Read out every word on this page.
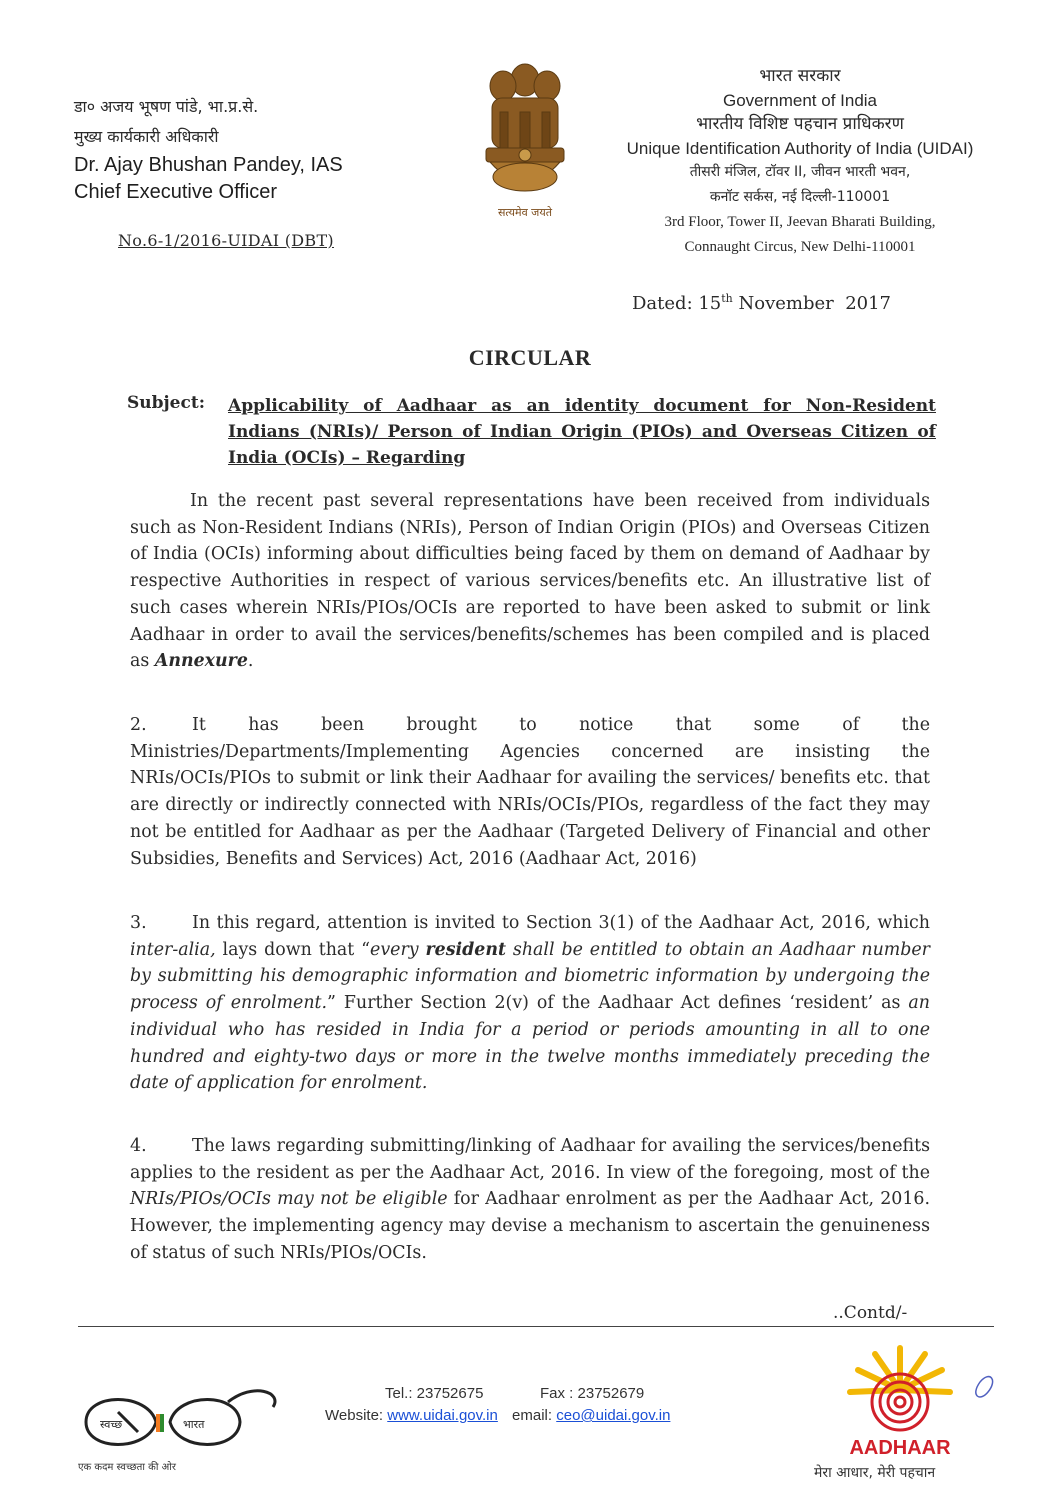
डा० अजय भूषण पांडे, भा.प्र.से.
मुख्य कार्यकारी अधिकारी
Dr. Ajay Bhushan Pandey, IAS
Chief Executive Officer
No.6-1/2016-UIDAI (DBT)
सत्यमेव जयते
भारत सरकार
Government of India
भारतीय विशिष्ट पहचान प्राधिकरण
Unique Identification Authority of India (UIDAI)
तीसरी मंजिल, टॉवर II, जीवन भारती भवन,
कनॉट सर्कस, नई दिल्ली-110001
3rd Floor, Tower II, Jeevan Bharati Building,
Connaught Circus, New Delhi-110001
Dated: 15th November  2017
CIRCULAR
Subject: Applicability of Aadhaar as an identity document for Non-Resident Indians (NRIs)/ Person of Indian Origin (PIOs) and Overseas Citizen of India (OCIs) – Regarding
In the recent past several representations have been received from individuals such as Non-Resident Indians (NRIs), Person of Indian Origin (PIOs) and Overseas Citizen of India (OCIs) informing about difficulties being faced by them on demand of Aadhaar by respective Authorities in respect of various services/benefits etc. An illustrative list of such cases wherein NRIs/PIOs/OCIs are reported to have been asked to submit or link Aadhaar in order to avail the services/benefits/schemes has been compiled and is placed as Annexure.
2.	It has been brought to notice that some of the Ministries/Departments/Implementing Agencies concerned are insisting the NRIs/OCIs/PIOs to submit or link their Aadhaar for availing the services/ benefits etc. that are directly or indirectly connected with NRIs/OCIs/PIOs, regardless of the fact they may not be entitled for Aadhaar as per the Aadhaar (Targeted Delivery of Financial and other Subsidies, Benefits and Services) Act, 2016 (Aadhaar Act, 2016)
3.	In this regard, attention is invited to Section 3(1) of the Aadhaar Act, 2016, which inter-alia, lays down that “every resident shall be entitled to obtain an Aadhaar number by submitting his demographic information and biometric information by undergoing the process of enrolment.” Further Section 2(v) of the Aadhaar Act defines ‘resident’ as an individual who has resided in India for a period or periods amounting in all to one hundred and eighty-two days or more in the twelve months immediately preceding the date of application for enrolment.
4.	The laws regarding submitting/linking of Aadhaar for availing the services/benefits applies to the resident as per the Aadhaar Act, 2016. In view of the foregoing, most of the NRIs/PIOs/OCIs may not be eligible for Aadhaar enrolment as per the Aadhaar Act, 2016. However, the implementing agency may devise a mechanism to ascertain the genuineness of status of such NRIs/PIOs/OCIs.
..Contd/-
स्वच्छ	भारत
एक कदम स्वच्छता की ओर
Tel.: 23752675	Fax : 23752679
Website: www.uidai.gov.in email: ceo@uidai.gov.in
AADHAAR
मेरा आधार, मेरी पहचान
